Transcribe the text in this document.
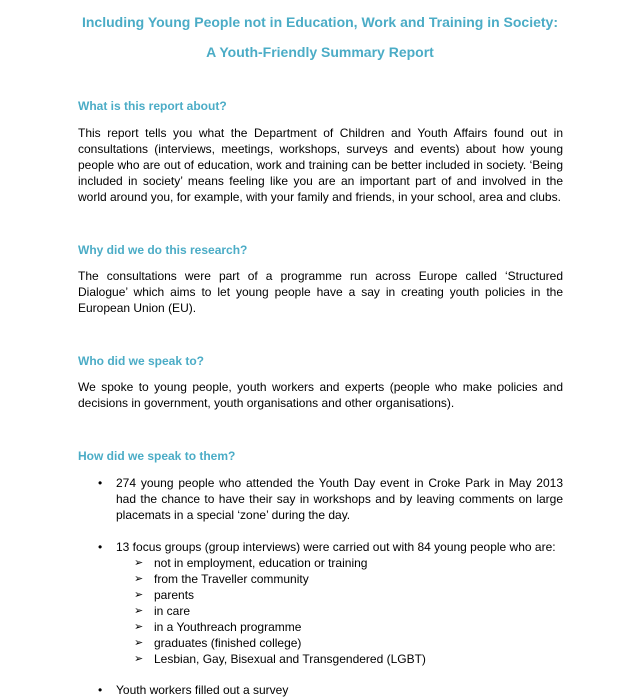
Including Young People not in Education, Work and Training in Society:
A Youth-Friendly Summary Report
What is this report about?

This report tells you what the Department of Children and Youth Affairs found out in consultations (interviews, meetings, workshops, surveys and events) about how young people who are out of education, work and training can be better included in society. ‘Being included in society’ means feeling like you are an important part of and involved in the world around you, for example, with your family and friends, in your school, area and clubs.

Why did we do this research?

The consultations were part of a programme run across Europe called ‘Structured Dialogue’ which aims to let young people have a say in creating youth policies in the European Union (EU).

Who did we speak to?

We spoke to young people, youth workers and experts (people who make policies and decisions in government, youth organisations and other organisations).

How did we speak to them?
• 274 young people who attended the Youth Day event in Croke Park in May 2013 had the chance to have their say in workshops and by leaving comments on large placemats in a special ‘zone’ during the day.
• 13 focus groups (group interviews) were carried out with 84 young people who are:
➢ not in employment, education or training
➢ from the Traveller community
➢ parents
➢ in care
➢ in a Youthreach programme
➢ graduates (finished college)
➢ Lesbian, Gay, Bisexual and Transgendered (LGBT)
• Youth workers filled out a survey
